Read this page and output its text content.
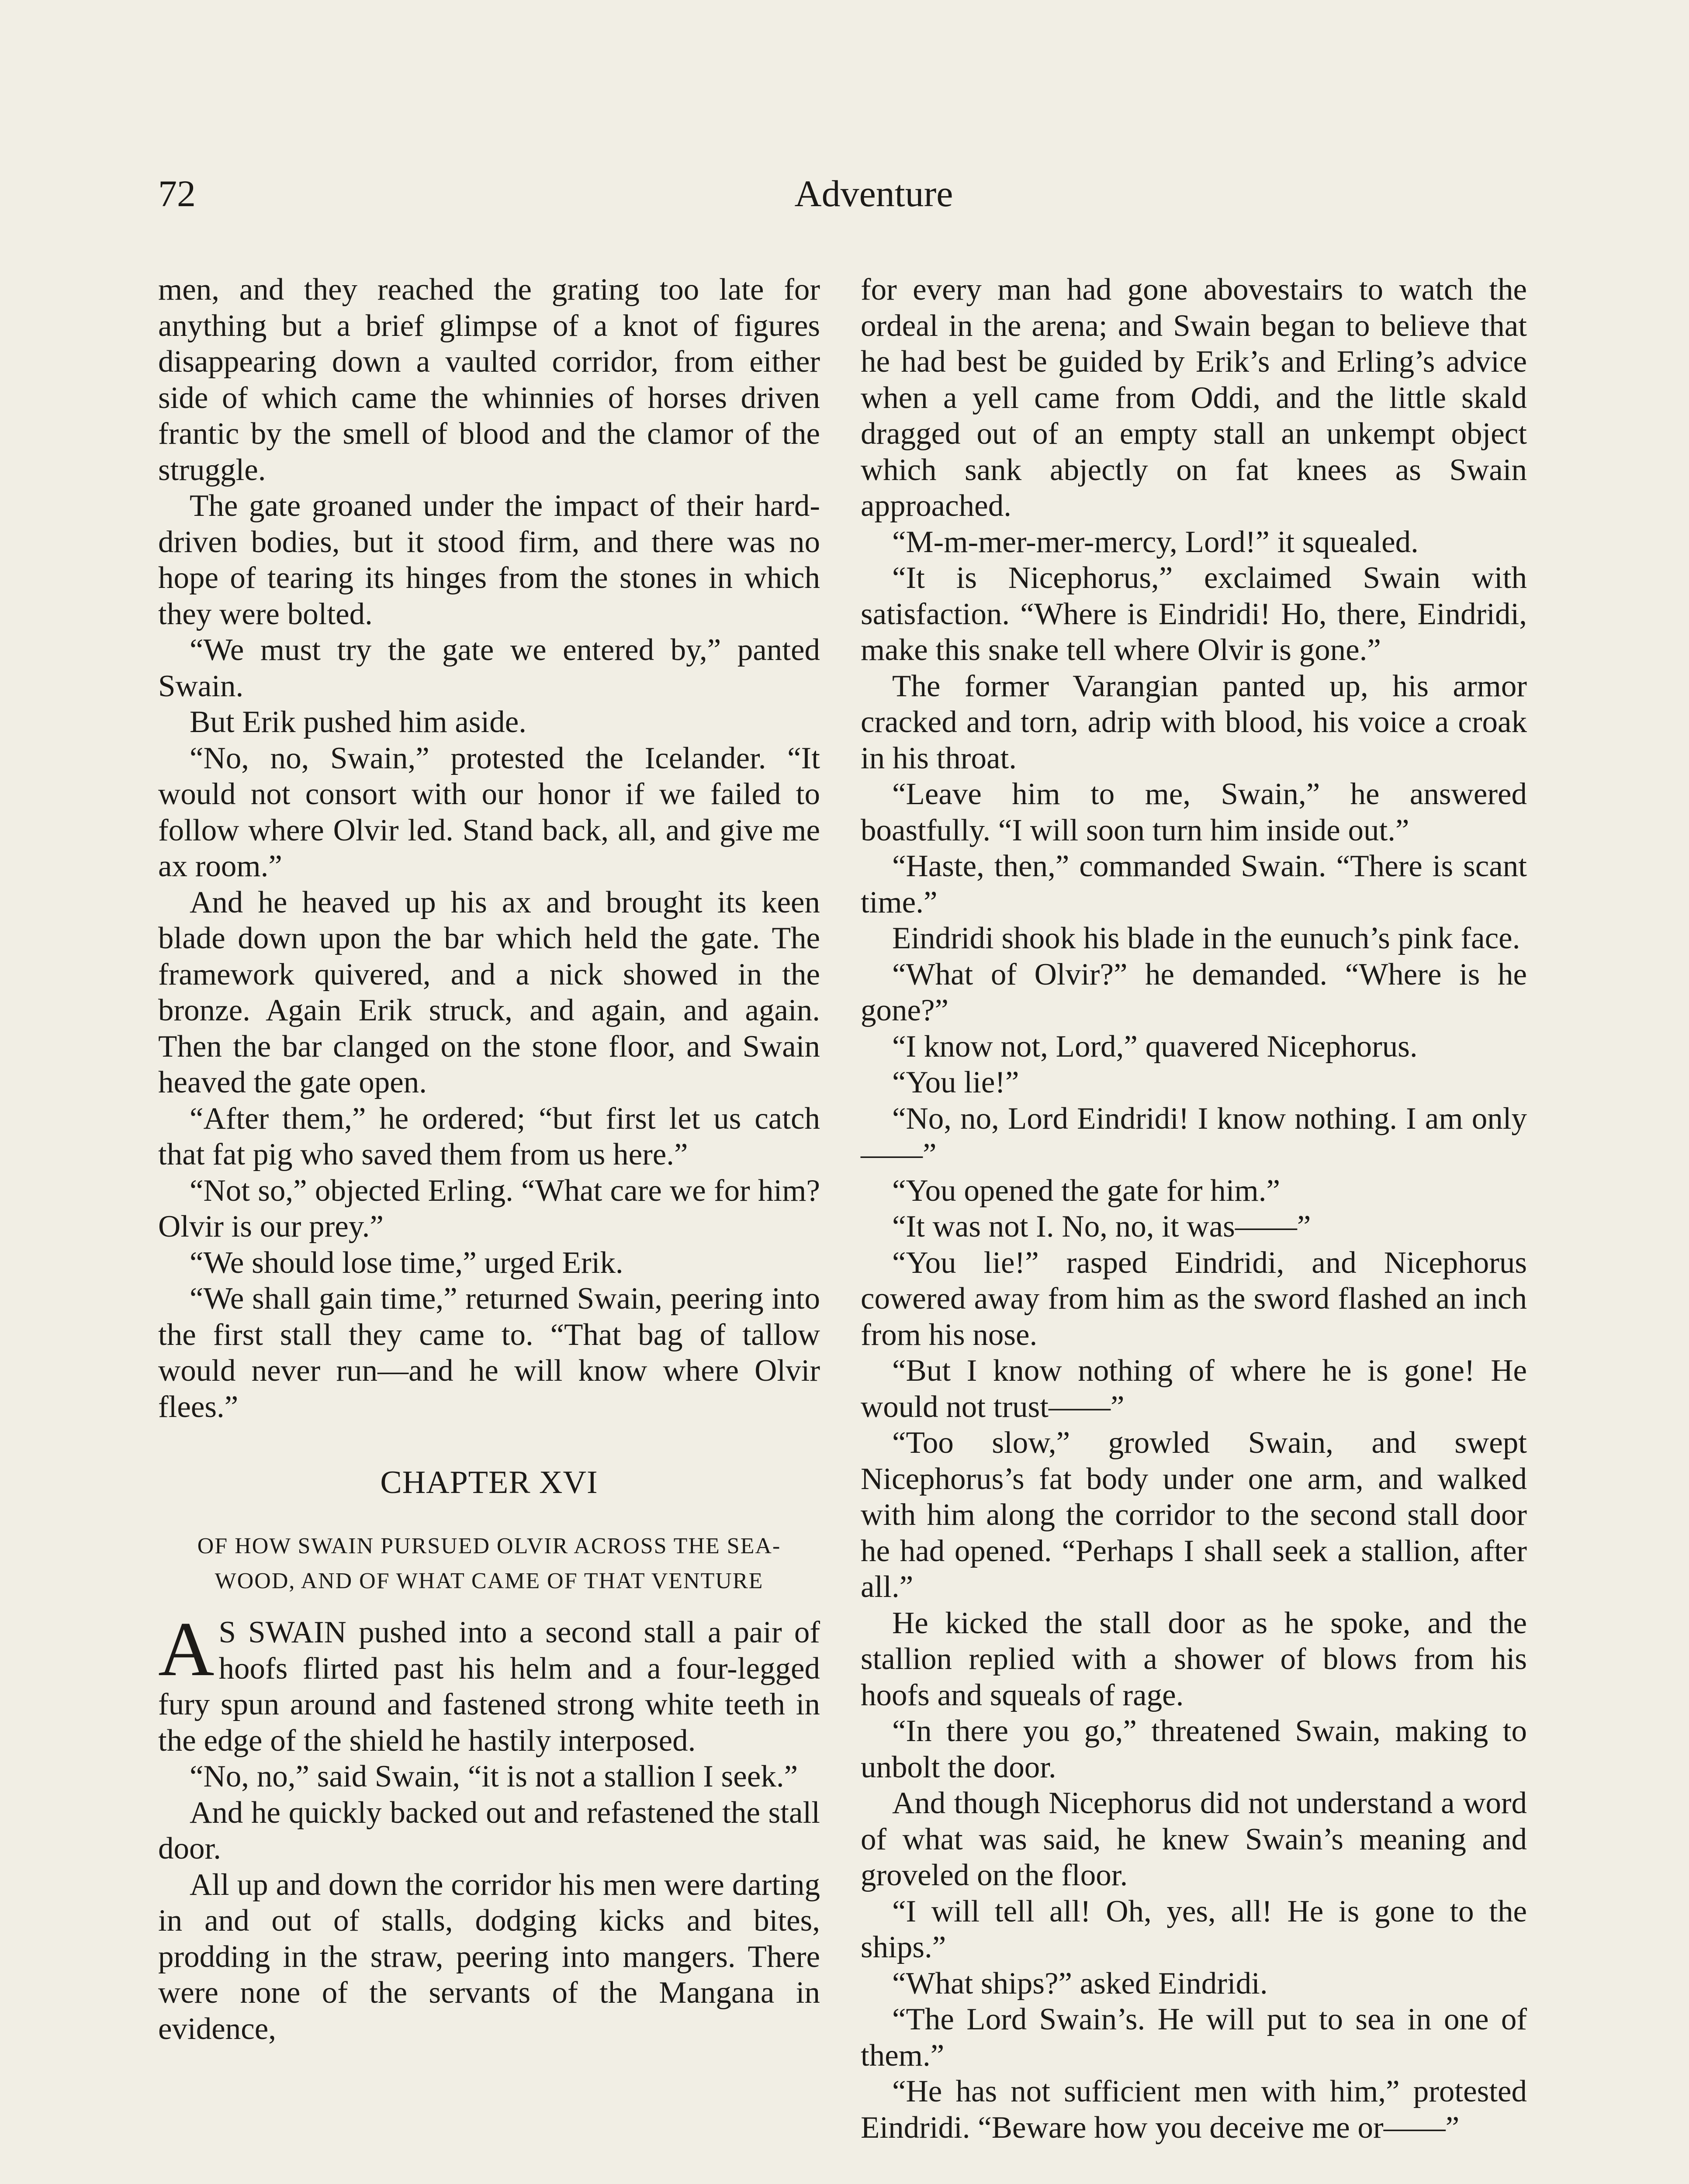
72	Adventure

men, and they reached the grating too late for anything but a brief glimpse of a knot of figures disappearing down a vaulted corridor, from either side of which came the whinnies of horses driven frantic by the smell of blood and the clamor of the struggle.

The gate groaned under the impact of their hard-driven bodies, but it stood firm, and there was no hope of tearing its hinges from the stones in which they were bolted.

“We must try the gate we entered by,” panted Swain.

But Erik pushed him aside.

“No, no, Swain,” protested the Icelander. “It would not consort with our honor if we failed to follow where Olvir led. Stand back, all, and give me ax room.”

And he heaved up his ax and brought its keen blade down upon the bar which held the gate. The framework quivered, and a nick showed in the bronze. Again Erik struck, and again, and again. Then the bar clanged on the stone floor, and Swain heaved the gate open.

“After them,” he ordered; “but first let us catch that fat pig who saved them from us here.”

“Not so,” objected Erling. “What care we for him? Olvir is our prey.”

“We should lose time,” urged Erik.

“We shall gain time,” returned Swain, peering into the first stall they came to. “That bag of tallow would never run—and he will know where Olvir flees.”

CHAPTER XVI
OF HOW SWAIN PURSUED OLVIR ACROSS THE SEA-WOOD, AND OF WHAT CAME OF THAT VENTURE

A S SWAIN pushed into a second stall a pair of hoofs flirted past his helm and a four-legged fury spun around and fastened strong white teeth in the edge of the shield he hastily interposed.

“No, no,” said Swain, “it is not a stallion I seek.”

And he quickly backed out and refastened the stall door.

All up and down the corridor his men were darting in and out of stalls, dodging kicks and bites, prodding in the straw, peering into mangers. There were none of the servants of the Mangana in evidence,

for every man had gone abovestairs to watch the ordeal in the arena; and Swain began to believe that he had best be guided by Erik’s and Erling’s advice when a yell came from Oddi, and the little skald dragged out of an empty stall an unkempt object which sank abjectly on fat knees as Swain approached.

“M-m-mer-mer-mercy, Lord!” it squealed.

“It is Nicephorus,” exclaimed Swain with satisfaction. “Where is Eindridi! Ho, there, Eindridi, make this snake tell where Olvir is gone.”

The former Varangian panted up, his armor cracked and torn, adrip with blood, his voice a croak in his throat.

“Leave him to me, Swain,” he answered boastfully. “I will soon turn him inside out.”

“Haste, then,” commanded Swain. “There is scant time.”

Eindridi shook his blade in the eunuch’s pink face.

“What of Olvir?” he demanded. “Where is he gone?”

“I know not, Lord,” quavered Nicephorus.

“You lie!”

“No, no, Lord Eindridi! I know nothing. I am only——”

“You opened the gate for him.”

“It was not I. No, no, it was——”

“You lie!” rasped Eindridi, and Nicephorus cowered away from him as the sword flashed an inch from his nose.

“But I know nothing of where he is gone! He would not trust——”

“Too slow,” growled Swain, and swept Nicephorus’s fat body under one arm, and walked with him along the corridor to the second stall door he had opened. “Perhaps I shall seek a stallion, after all.”

He kicked the stall door as he spoke, and the stallion replied with a shower of blows from his hoofs and squeals of rage.

“In there you go,” threatened Swain, making to unbolt the door.

And though Nicephorus did not understand a word of what was said, he knew Swain’s meaning and groveled on the floor.

“I will tell all! Oh, yes, all! He is gone to the ships.”

“What ships?” asked Eindridi.

“The Lord Swain’s. He will put to sea in one of them.”

“He has not sufficient men with him,” protested Eindridi. “Beware how you deceive me or——”
